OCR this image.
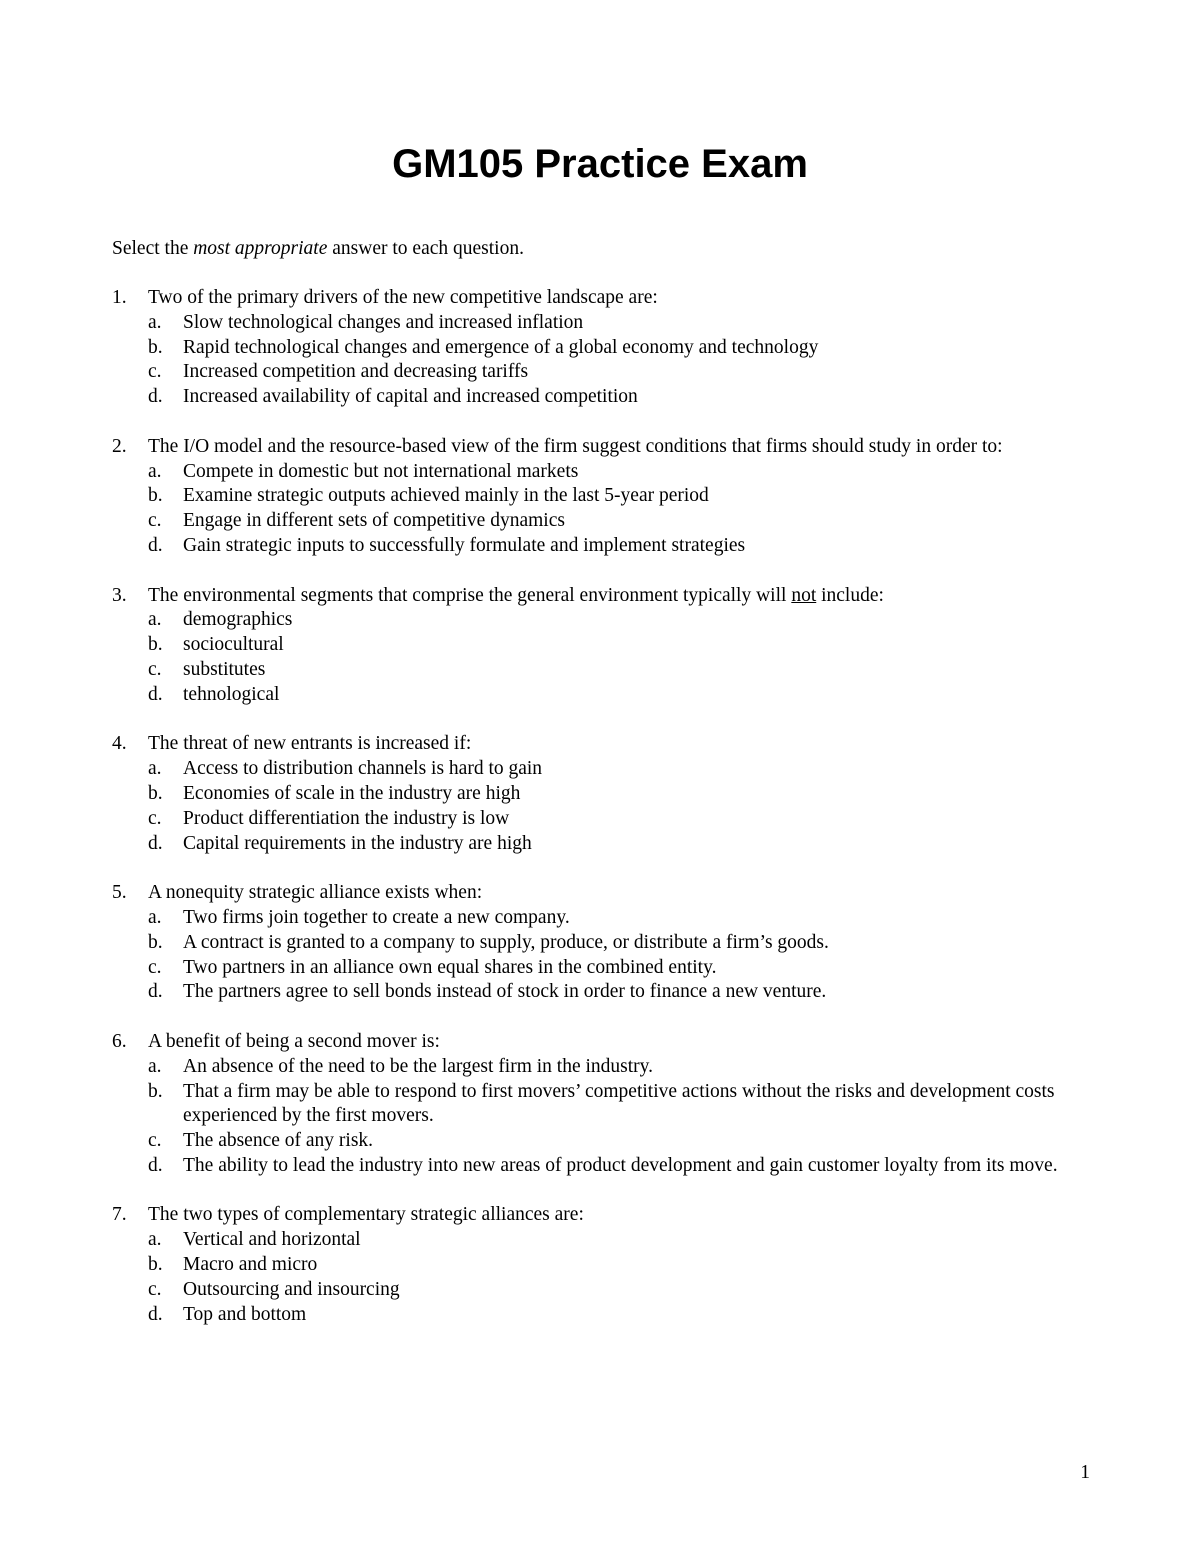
GM105 Practice Exam

Select the most appropriate answer to each question.

1. Two of the primary drivers of the new competitive landscape are:
a. Slow technological changes and increased inflation
b. Rapid technological changes and emergence of a global economy and technology
c. Increased competition and decreasing tariffs
d. Increased availability of capital and increased competition
2. The I/O model and the resource-based view of the firm suggest conditions that firms should study in order to:
a. Compete in domestic but not international markets
b. Examine strategic outputs achieved mainly in the last 5-year period
c. Engage in different sets of competitive dynamics
d. Gain strategic inputs to successfully formulate and implement strategies
3. The environmental segments that comprise the general environment typically will not include:
a. demographics
b. sociocultural
c. substitutes
d. tehnological
4. The threat of new entrants is increased if:
a. Access to distribution channels is hard to gain
b. Economies of scale in the industry are high
c. Product differentiation the industry is low
d. Capital requirements in the industry are high
5. A nonequity strategic alliance exists when:
a. Two firms join together to create a new company.
b. A contract is granted to a company to supply, produce, or distribute a firm’s goods.
c. Two partners in an alliance own equal shares in the combined entity.
d. The partners agree to sell bonds instead of stock in order to finance a new venture.
6. A benefit of being a second mover is:
a. An absence of the need to be the largest firm in the industry.
b. That a firm may be able to respond to first movers’ competitive actions without the risks and development costs experienced by the first movers.
c. The absence of any risk.
d. The ability to lead the industry into new areas of product development and gain customer loyalty from its move.
7. The two types of complementary strategic alliances are:
a. Vertical and horizontal
b. Macro and micro
c. Outsourcing and insourcing
d. Top and bottom
1
